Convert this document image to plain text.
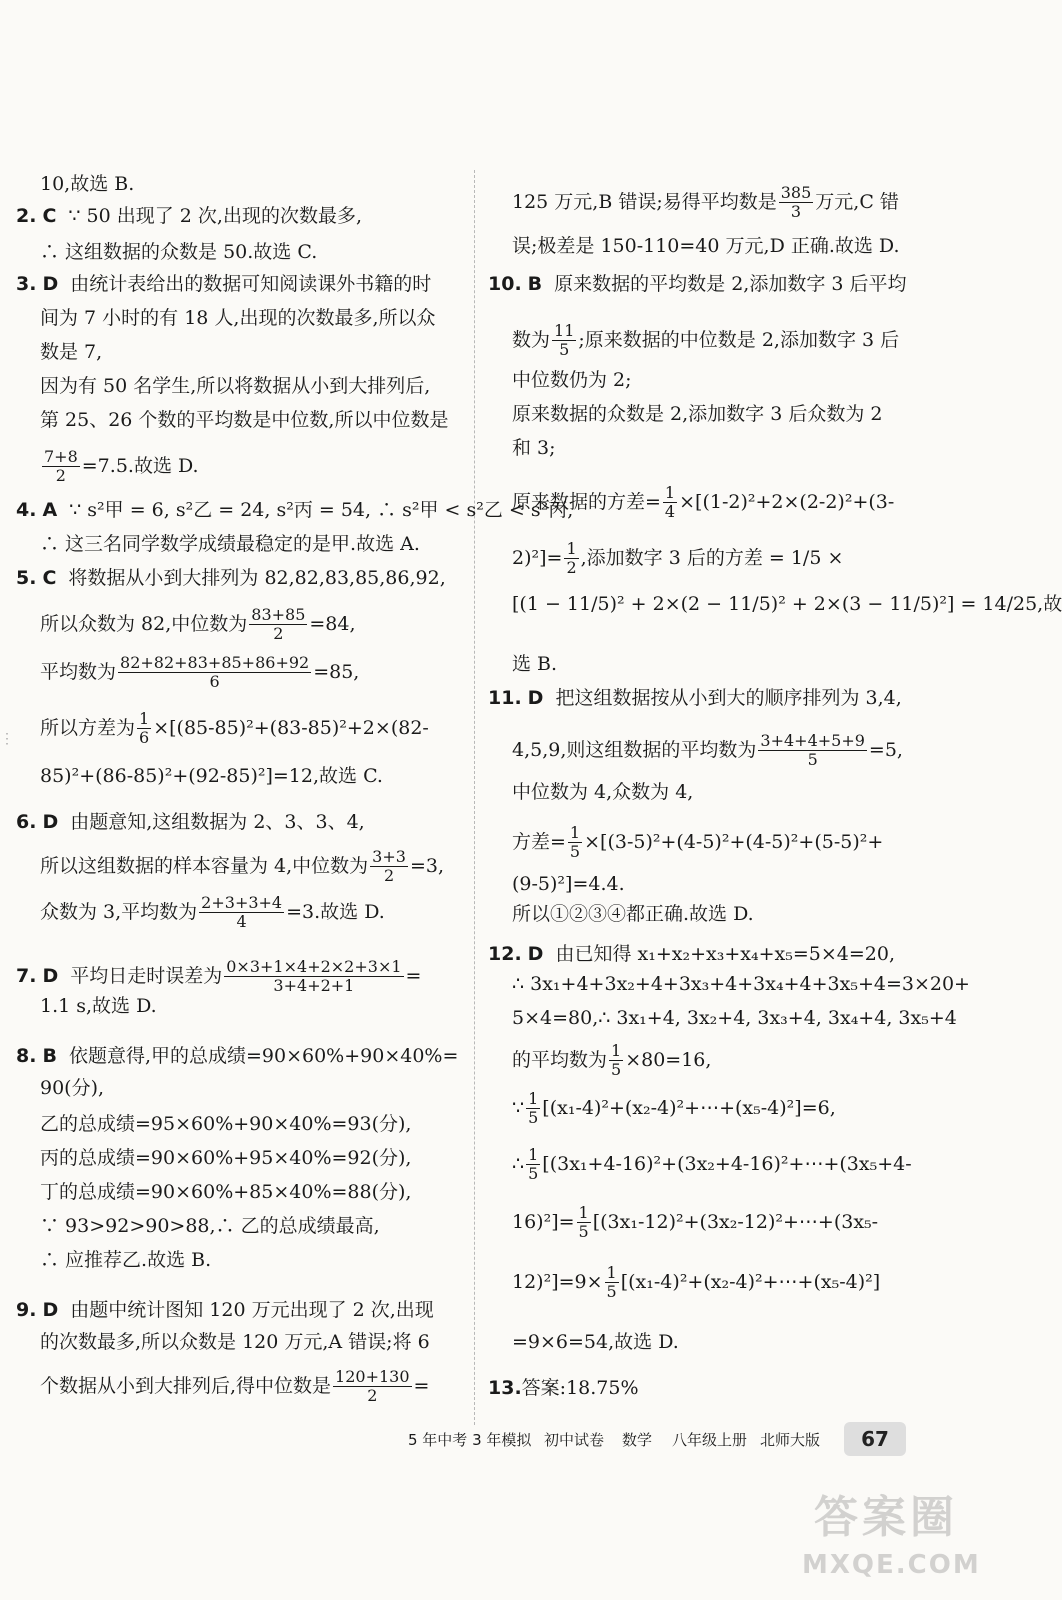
⋮
10,故选 B.
2. C ∵ 50 出现了 2 次,出现的次数最多,
∴ 这组数据的众数是 50.故选 C.
3. D 由统计表给出的数据可知阅读课外书籍的时
间为 7 小时的有 18 人,出现的次数最多,所以众
数是 7,
因为有 50 名学生,所以将数据从小到大排列后,
第 25、26 个数的平均数是中位数,所以中位数是
$\frac{7+8}{2} =7.5$.故选 D.
4. A ∵ s²甲 = 6, s²乙 = 24, s²丙 = 54, ∴ s²甲 < s²乙 < s²丙,
∴ 这三名同学数学成绩最稳定的是甲.故选 A.
5. C 将数据从小到大排列为 82,82,83,85,86,92,
所以众数为 82,中位数为 $\frac{83+85}{2} =84$,
平均数为 $\frac{82+82+83+85+86+92}{6} =85$,
所以方差为 $\frac{1}{6} \times[(85-85)^2+(83-85)^2+2\times(82-$
85)²+(86-85)²+(92-85)²]=12,故选 C.
6. D 由题意知,这组数据为 2、3、3、4,
所以这组数据的样本容量为 4,中位数为 $\frac{3+3}{2} =3$,
众数为 3,平均数为 $\frac{2+3+3+4}{4} =3$.故选 D.
7. D 平均日走时误差为 $\frac{0\times 3+1\times 4+2\times 2+3\times 1}{3+4+2+1}$ =
1.1 s,故选 D.
8. B 依题意得,甲的总成绩=90×60%+90×40%=
90(分),
乙的总成绩=95×60%+90×40%=93(分),
丙的总成绩=90×60%+95×40%=92(分),
丁的总成绩=90×60%+85×40%=88(分),
∵ 93>92>90>88,∴ 乙的总成绩最高,
∴ 应推荐乙.故选 B.
9. D 由题中统计图知 120 万元出现了 2 次,出现
的次数最多,所以众数是 120 万元,A 错误;将 6
个数据从小到大排列后,得中位数是 $\frac{120+130}{2}$ =
125 万元,B 错误;易得平均数是 $\frac{385}{3}$ 万元,C 错
误;极差是 150-110=40 万元,D 正确.故选 D.
10. B 原来数据的平均数是 2,添加数字 3 后平均
数为 $\frac{11}{5}$ ;原来数据的中位数是 2,添加数字 3 后
中位数仍为 2;
原来数据的众数是 2,添加数字 3 后众数为 2
和 3;
原来数据的方差= $\frac{1}{4} \times[(1-2)^2+2\times(2-2)^2+(3-$
$2)^2]= \frac{1}{2}$ ,添加数字 3 后的方差 = 1/5 ×
[(1 − 11/5)² + 2×(2 − 11/5)² + 2×(3 − 11/5)²] = 14/25,故
选 B.
11. D 把这组数据按从小到大的顺序排列为 3,4,
4,5,9,则这组数据的平均数为 $\frac{3+4+4+5+9}{5} =5$,
中位数为 4,众数为 4,
方差= $\frac{1}{5} \times[(3-5)^2+(4-5)^2+(4-5)^2+(5-5)^2+$
(9-5)²]=4.4.
所以①②③④都正确.故选 D.
12. D 由已知得 x₁+x₂+x₃+x₄+x₅=5×4=20,
∴ 3x₁+4+3x₂+4+3x₃+4+3x₄+4+3x₅+4=3×20+
5×4=80,∴ 3x₁+4, 3x₂+4, 3x₃+4, 3x₄+4, 3x₅+4
的平均数为 $\frac{1}{5} \times 80=16$,
∵ $\frac{1}{5}$ [(x₁-4)²+(x₂-4)²+⋯+(x₅-4)²]=6,
∴ $\frac{1}{5}$ [(3x₁+4-16)²+(3x₂+4-16)²+⋯+(3x₅+4-
$16)^2]= \frac{1}{5}$ [(3x₁-12)²+(3x₂-12)²+⋯+(3x₅-
$12)^2]=9\times \frac{1}{5}$ [(x₁-4)²+(x₂-4)²+⋯+(x₅-4)²]
=9×6=54,故选 D.
13.答案:18.75%
5 年中考 3 年模拟 初中试卷 数学 八年级上册 北师大版	67
答案圈
MXQE.COM
